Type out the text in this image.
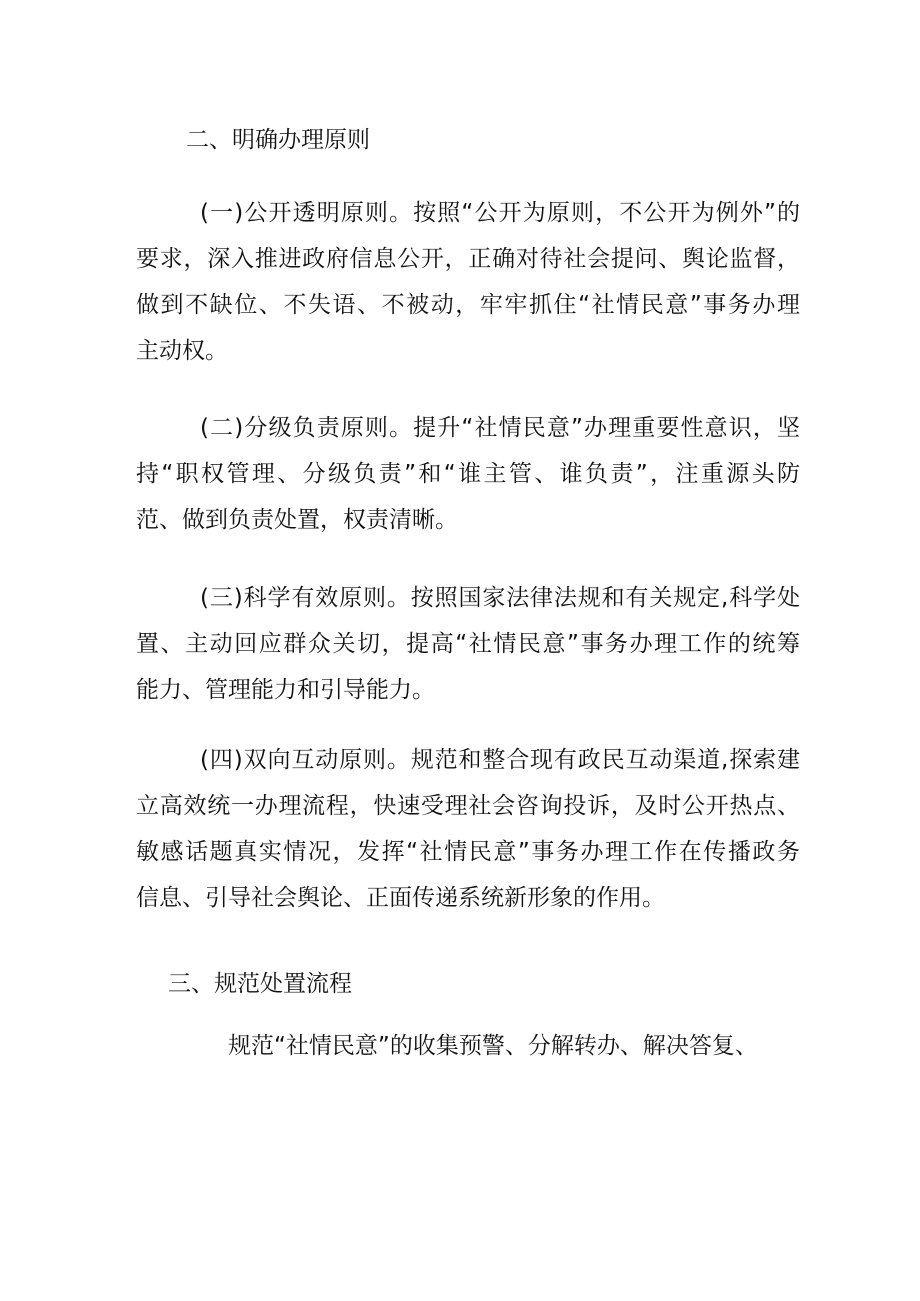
二、明确办理原则
(一)公开透明原则。按照“公开为原则，不公开为例外”的
要求，深入推进政府信息公开，正确对待社会提问、舆论监督，
做到不缺位、不失语、不被动，牢牢抓住“社情民意”事务办理
主动权。
(二)分级负责原则。提升“社情民意”办理重要性意识，坚
持“职权管理、分级负责”和“谁主管、谁负责”，注重源头防
范、做到负责处置，权责清晰。
(三)科学有效原则。按照国家法律法规和有关规定,科学处
置、主动回应群众关切，提高“社情民意”事务办理工作的统筹
能力、管理能力和引导能力。
(四)双向互动原则。规范和整合现有政民互动渠道,探索建
立高效统一办理流程，快速受理社会咨询投诉，及时公开热点、
敏感话题真实情况，发挥“社情民意”事务办理工作在传播政务
信息、引导社会舆论、正面传递系统新形象的作用。
三、规范处置流程
规范“社情民意”的收集预警、分解转办、解决答复、
